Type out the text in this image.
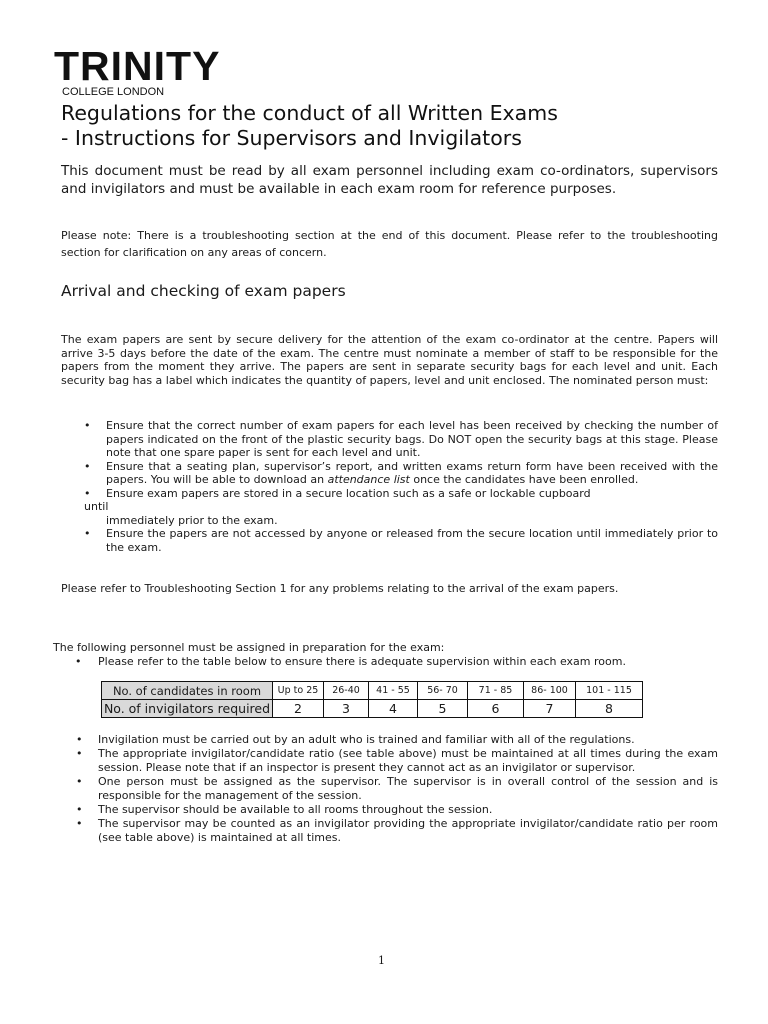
TRINITY
COLLEGE LONDON
Regulations for the conduct of all Written Exams
- Instructions for Supervisors and Invigilators
This document must be read by all exam personnel including exam co-ordinators, supervisors and invigilators and must be available in each exam room for reference purposes.
Please note: There is a troubleshooting section at the end of this document. Please refer to the troubleshooting section for clarification on any areas of concern.
Arrival and checking of exam papers
The exam papers are sent by secure delivery for the attention of the exam co-ordinator at the centre. Papers will arrive 3-5 days before the date of the exam. The centre must nominate a member of staff to be responsible for the papers from the moment they arrive. The papers are sent in separate security bags for each level and unit. Each security bag has a label which indicates the quantity of papers, level and unit enclosed. The nominated person must:
• Ensure that the correct number of exam papers for each level has been received by checking the number of papers indicated on the front of the plastic security bags. Do NOT open the security bags at this stage. Please note that one spare paper is sent for each level and unit.
• Ensure that a seating plan, supervisor’s report, and written exams return form have been received with the papers. You will be able to download an attendance list once the candidates have been enrolled.
• Ensure exam papers are stored in a secure location such as a safe or lockable cupboard
until
immediately prior to the exam.
• Ensure the papers are not accessed by anyone or released from the secure location until immediately prior to the exam.
Please refer to Troubleshooting Section 1 for any problems relating to the arrival of the exam papers.
The following personnel must be assigned in preparation for the exam:
• Please refer to the table below to ensure there is adequate supervision within each exam room.
No. of candidates in room	Up to 25	26-40	41 - 55	56- 70	71 - 85	86- 100	101 - 115
No. of invigilators required	2	3	4	5	6	7	8
• Invigilation must be carried out by an adult who is trained and familiar with all of the regulations.
• The appropriate invigilator/candidate ratio (see table above) must be maintained at all times during the exam session. Please note that if an inspector is present they cannot act as an invigilator or supervisor.
• One person must be assigned as the supervisor. The supervisor is in overall control of the session and is responsible for the management of the session.
• The supervisor should be available to all rooms throughout the session.
• The supervisor may be counted as an invigilator providing the appropriate invigilator/candidate ratio per room (see table above) is maintained at all times.
1
